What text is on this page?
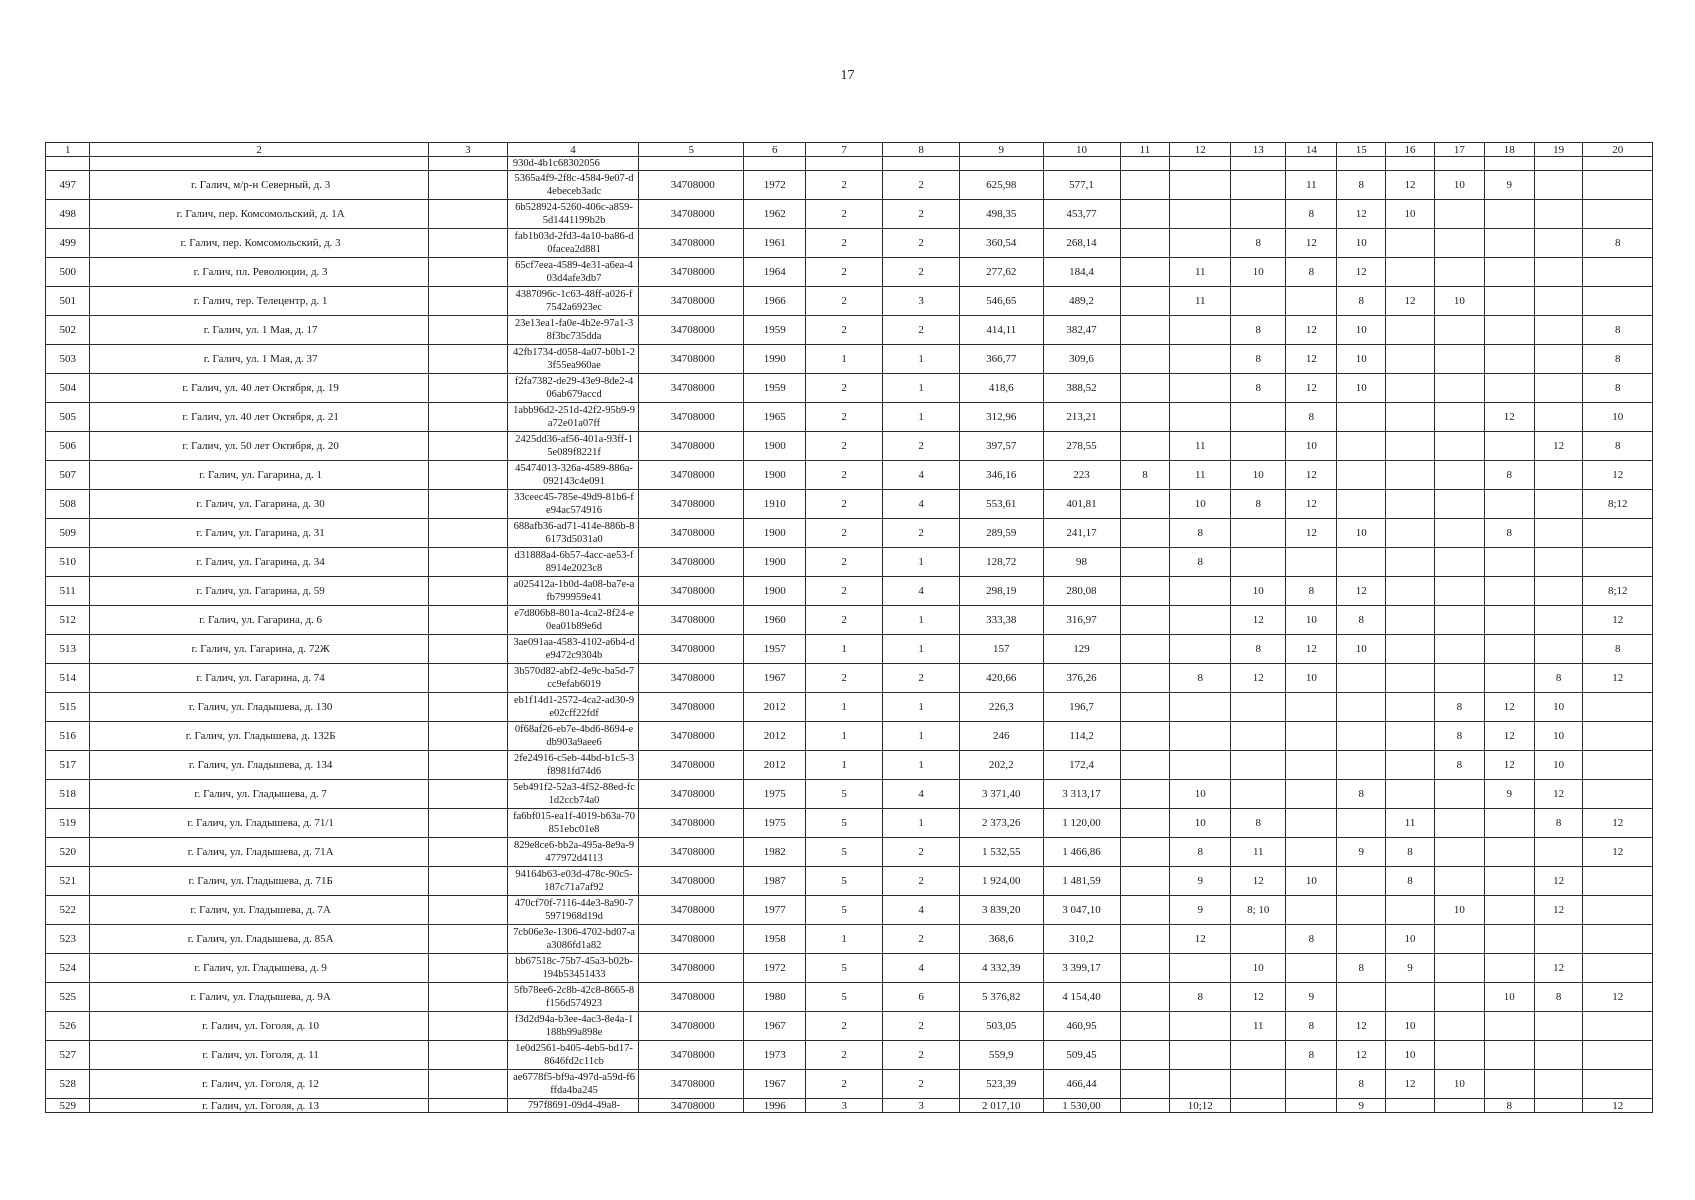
17
1	2	3	4	5	6	7	8	9	10	11	12	13	14	15	16	17	18	19	20
			930d-4b1c68302056																
497	г. Галич, м/р-н Северный, д. 3		5365a4f9-2f8c-4584-9e07-d4ebeceb3adc	34708000	1972	2	2	625,98	577,1				11	8	12	10	9		
498	г. Галич, пер. Комсомольский, д. 1А		6b528924-5260-406c-a859-5d1441199b2b	34708000	1962	2	2	498,35	453,77				8	12	10				
499	г. Галич, пер. Комсомольский, д. 3		fab1b03d-2fd3-4a10-ba86-d0facea2d881	34708000	1961	2	2	360,54	268,14			8	12	10					8
500	г. Галич, пл. Революции, д. 3		65cf7eea-4589-4e31-a6ea-403d4afe3db7	34708000	1964	2	2	277,62	184,4		11	10	8	12					
501	г. Галич, тер. Телецентр, д. 1		4387096c-1c63-48ff-a026-f7542a6923ec	34708000	1966	2	3	546,65	489,2		11			8	12	10			
502	г. Галич, ул. 1 Мая, д. 17		23e13ea1-fa0e-4b2e-97a1-38f3bc735dda	34708000	1959	2	2	414,11	382,47			8	12	10					8
503	г. Галич, ул. 1 Мая, д. 37		42fb1734-d058-4a07-b0b1-23f55ea960ae	34708000	1990	1	1	366,77	309,6			8	12	10					8
504	г. Галич, ул. 40 лет Октября, д. 19		f2fa7382-de29-43e9-8de2-406ab679accd	34708000	1959	2	1	418,6	388,52			8	12	10					8
505	г. Галич, ул. 40 лет Октября, д. 21		1abb96d2-251d-42f2-95b9-9a72e01a07ff	34708000	1965	2	1	312,96	213,21				8				12		10
506	г. Галич, ул. 50 лет Октября, д. 20		2425dd36-af56-401a-93ff-15e089f8221f	34708000	1900	2	2	397,57	278,55		11		10					12	8
507	г. Галич, ул. Гагарина, д. 1		45474013-326a-4589-886a-092143c4e091	34708000	1900	2	4	346,16	223	8	11	10	12				8		12
508	г. Галич, ул. Гагарина, д. 30		33ceec45-785e-49d9-81b6-fe94ac574916	34708000	1910	2	4	553,61	401,81		10	8	12						8;12
509	г. Галич, ул. Гагарина, д. 31		688afb36-ad71-414e-886b-86173d5031a0	34708000	1900	2	2	289,59	241,17		8		12	10			8		
510	г. Галич, ул. Гагарина, д. 34		d31888a4-6b57-4acc-ae53-f8914e2023c8	34708000	1900	2	1	128,72	98		8								
511	г. Галич, ул. Гагарина, д. 59		a025412a-1b0d-4a08-ba7e-afb799959e41	34708000	1900	2	4	298,19	280,08			10	8	12					8;12
512	г. Галич, ул. Гагарина, д. 6		e7d806b8-801a-4ca2-8f24-e0ea01b89e6d	34708000	1960	2	1	333,38	316,97			12	10	8					12
513	г. Галич, ул. Гагарина, д. 72Ж		3ae091aa-4583-4102-a6b4-de9472c9304b	34708000	1957	1	1	157	129			8	12	10					8
514	г. Галич, ул. Гагарина, д. 74		3b570d82-abf2-4e9c-ba5d-7cc9efab6019	34708000	1967	2	2	420,66	376,26		8	12	10					8	12
515	г. Галич, ул. Гладышева, д. 130		eb1f14d1-2572-4ca2-ad30-9e02cff22fdf	34708000	2012	1	1	226,3	196,7							8	12	10	
516	г. Галич, ул. Гладышева, д. 132Б		0f68af26-eb7e-4bd6-8694-edb903a9aee6	34708000	2012	1	1	246	114,2							8	12	10	
517	г. Галич, ул. Гладышева, д. 134		2fe24916-c5eb-44bd-b1c5-3f8981fd74d6	34708000	2012	1	1	202,2	172,4							8	12	10	
518	г. Галич, ул. Гладышева, д. 7		5eb491f2-52a3-4f52-88ed-fc1d2ccb74a0	34708000	1975	5	4	3 371,40	3 313,17		10			8			9	12	
519	г. Галич, ул. Гладышева, д. 71/1		fa6bf015-ea1f-4019-b63a-70851ebc01e8	34708000	1975	5	1	2 373,26	1 120,00		10	8			11			8	12
520	г. Галич, ул. Гладышева, д. 71А		829e8ce6-bb2a-495a-8e9a-9477972d4113	34708000	1982	5	2	1 532,55	1 466,86		8	11		9	8				12
521	г. Галич, ул. Гладышева, д. 71Б		94164b63-e03d-478c-90c5-187c71a7af92	34708000	1987	5	2	1 924,00	1 481,59		9	12	10		8			12	
522	г. Галич, ул. Гладышева, д. 7А		470cf70f-7116-44e3-8a90-75971968d19d	34708000	1977	5	4	3 839,20	3 047,10		9	8; 10				10		12	
523	г. Галич, ул. Гладышева, д. 85А		7cb06e3e-1306-4702-bd07-aa3086fd1a82	34708000	1958	1	2	368,6	310,2		12		8		10				
524	г. Галич, ул. Гладышева, д. 9		bb67518c-75b7-45a3-b02b-194b53451433	34708000	1972	5	4	4 332,39	3 399,17			10		8	9			12	
525	г. Галич, ул. Гладышева, д. 9А		5fb78ee6-2c8b-42c8-8665-8f156d574923	34708000	1980	5	6	5 376,82	4 154,40		8	12	9				10	8	12
526	г. Галич, ул. Гоголя, д. 10		f3d2d94a-b3ee-4ac3-8e4a-1188b99a898e	34708000	1967	2	2	503,05	460,95			11	8	12	10				
527	г. Галич, ул. Гоголя, д. 11		1e0d2561-b405-4eb5-bd17-8646fd2c11cb	34708000	1973	2	2	559,9	509,45				8	12	10				
528	г. Галич, ул. Гоголя, д. 12		ae6778f5-bf9a-497d-a59d-f6ffda4ba245	34708000	1967	2	2	523,39	466,44					8	12	10			
529	г. Галич, ул. Гоголя, д. 13		797f8691-09d4-49a8-	34708000	1996	3	3	2 017,10	1 530,00		10;12			9			8		12
